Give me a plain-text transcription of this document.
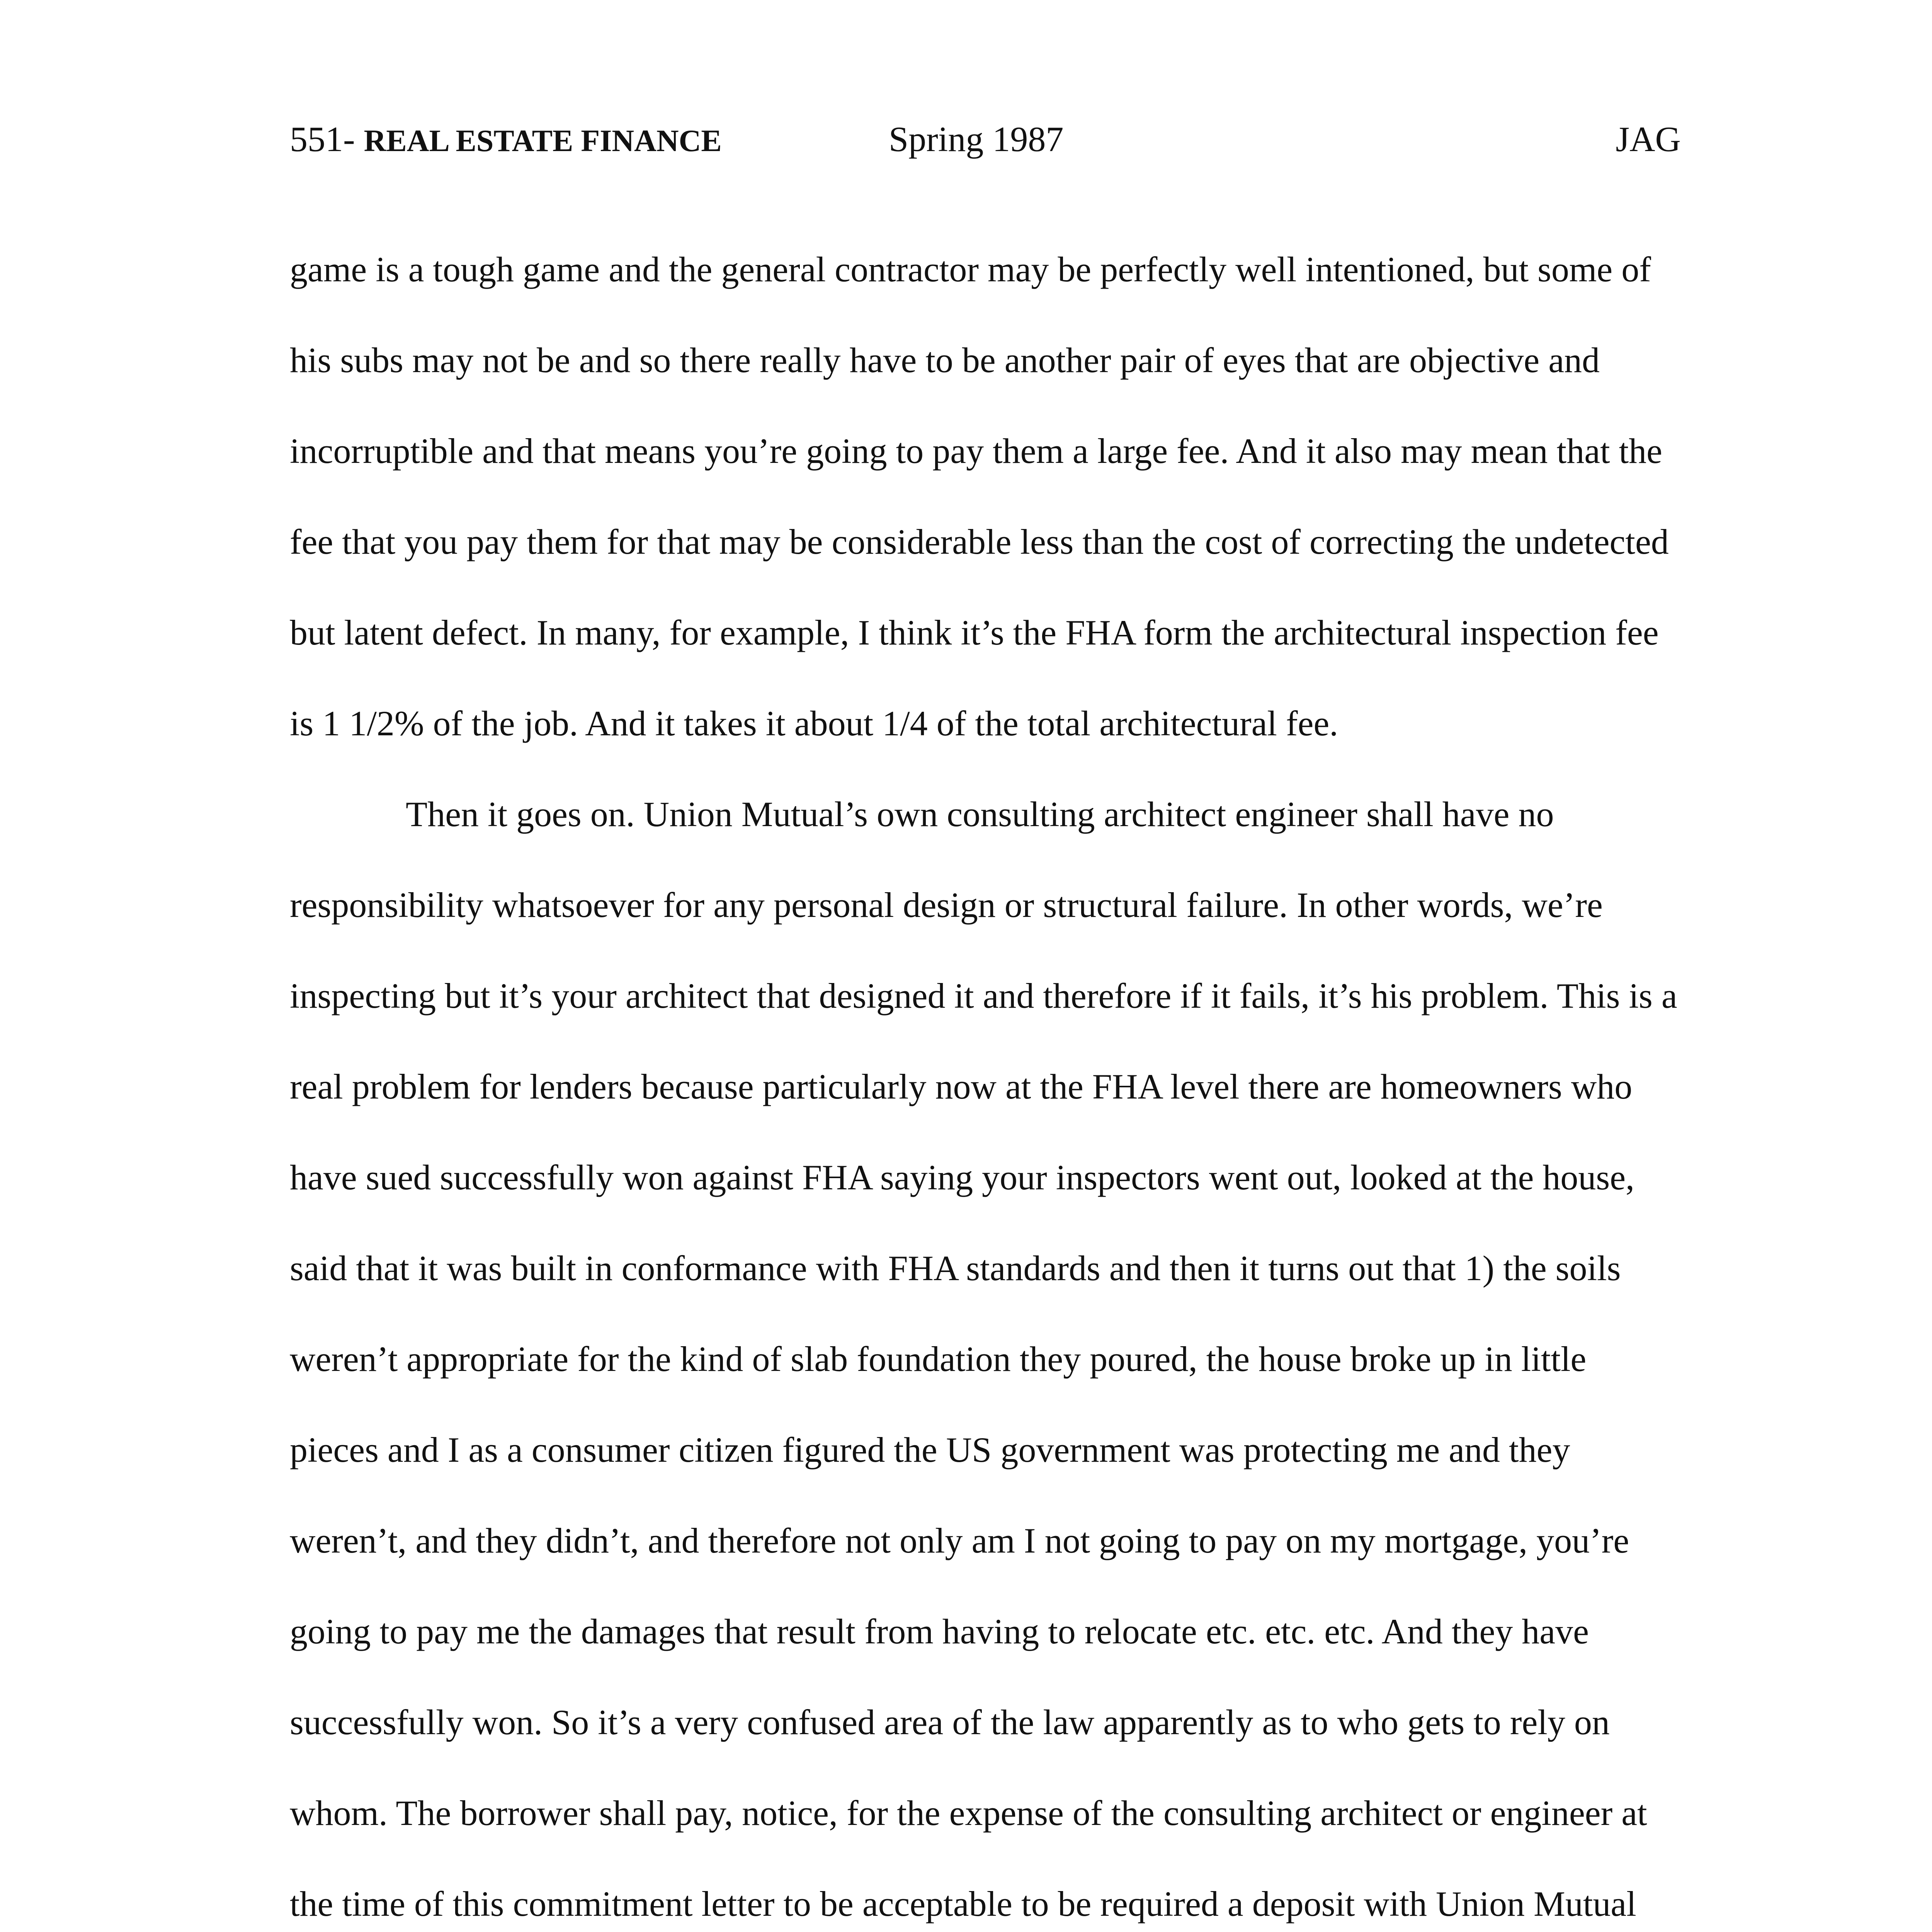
551- REAL ESTATE FINANCE	Spring 1987	JAG

game is a tough game and the general contractor may be perfectly well intentioned, but some of his subs may not be and so there really have to be another pair of eyes that are objective and incorruptible and that means you’re going to pay them a large fee. And it also may mean that the fee that you pay them for that may be considerable less than the cost of correcting the undetected but latent defect. In many, for example, I think it’s the FHA form the architectural inspection fee is 1 1/2% of the job. And it takes it about 1/4 of the total architectural fee.

Then it goes on. Union Mutual’s own consulting architect engineer shall have no responsibility whatsoever for any personal design or structural failure. In other words, we’re inspecting but it’s your architect that designed it and therefore if it fails, it’s his problem. This is a real problem for lenders because particularly now at the FHA level there are homeowners who have sued successfully won against FHA saying your inspectors went out, looked at the house, said that it was built in conformance with FHA standards and then it turns out that 1) the soils weren’t appropriate for the kind of slab foundation they poured, the house broke up in little pieces and I as a consumer citizen figured the US government was protecting me and they weren’t, and they didn’t, and therefore not only am I not going to pay on my mortgage, you’re going to pay me the damages that result from having to relocate etc. etc. etc. And they have successfully won. So it’s a very confused area of the law apparently as to who gets to rely on whom. The borrower shall pay, notice, for the expense of the consulting architect or engineer at the time of this commitment letter to be acceptable to be required a deposit with Union Mutual
